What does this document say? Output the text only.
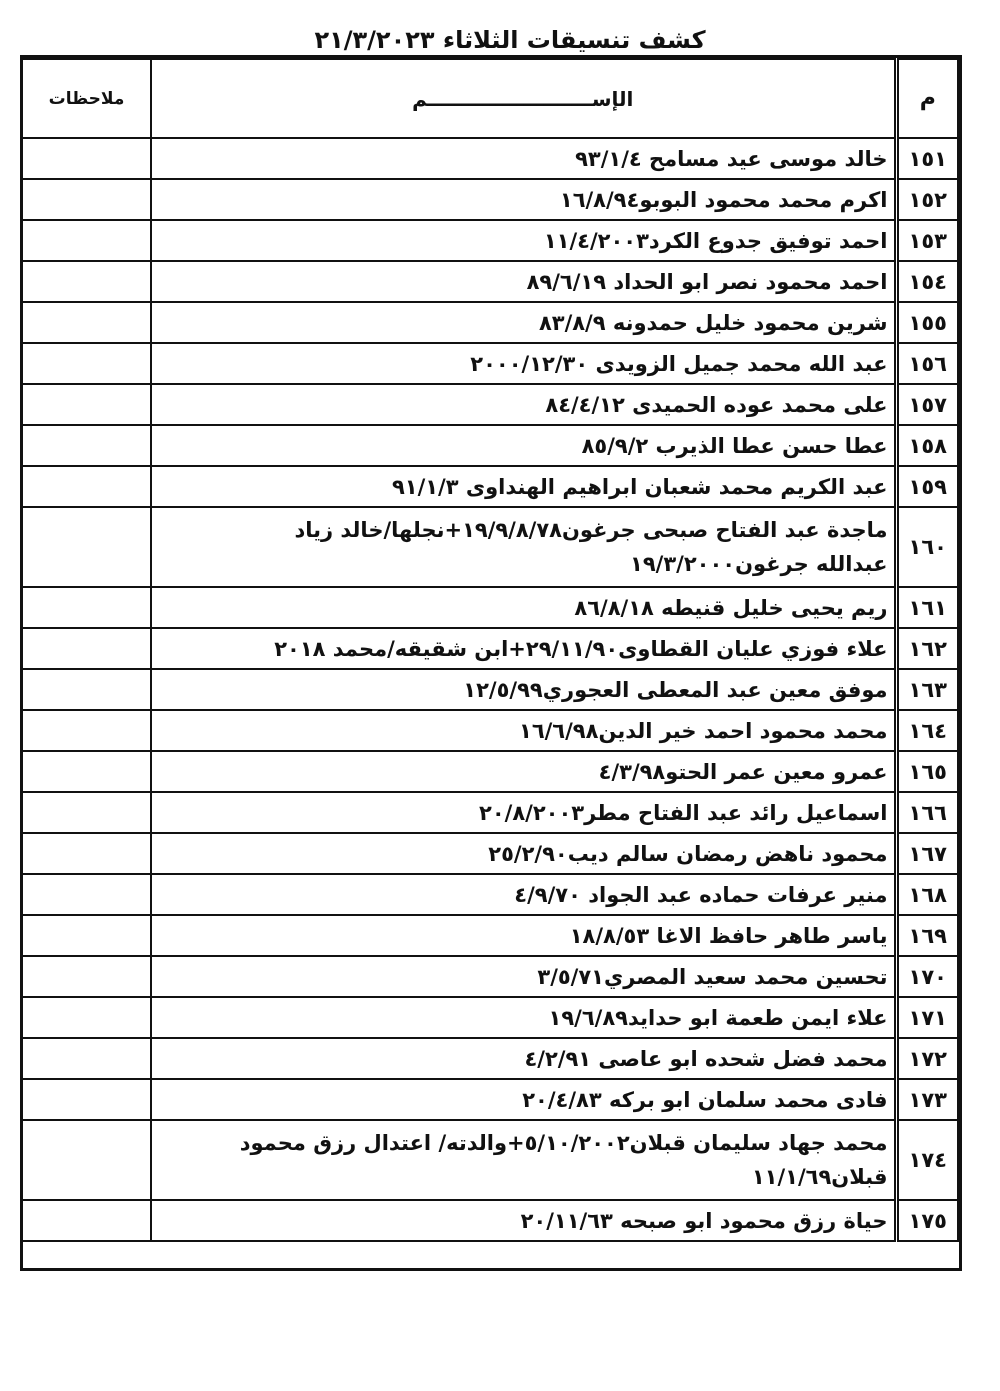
كشف تنسيقات الثلاثاء ٢١/٣/٢٠٢٣
م	الإســــــــــــــــــــــــم	ملاحظات
١٥١	خالد موسى عيد مسامح ٩٣/١/٤	

١٥٢	اكرم محمد محمود البوبو١٦/٨/٩٤	

١٥٣	احمد توفيق جدوع الكرد١١/٤/٢٠٠٣	

١٥٤	احمد محمود نصر ابو الحداد ٨٩/٦/١٩	

١٥٥	شرين محمود خليل حمدونه ٨٣/٨/٩	

١٥٦	عبد الله محمد جميل الزويدى ٢٠٠٠/١٢/٣٠	

١٥٧	على محمد عوده الحميدى ٨٤/٤/١٢	

١٥٨	عطا حسن عطا الذيرب ٨٥/٩/٢	

١٥٩	عبد الكريم محمد شعبان ابراهيم الهنداوى ٩١/١/٣	

١٦٠	ماجدة عبد الفتاح صبحى جرغون١٩/٩/٨/٧٨+نجلها/خالد زياد
عبدالله جرغون١٩/٣/٢٠٠٠	

١٦١	ريم يحيى خليل قنيطه ٨٦/٨/١٨	

١٦٢	علاء فوزي عليان القطاوى٢٩/١١/٩٠+ابن شقيقه/محمد ٢٠١٨	

١٦٣	موفق معين عبد المعطى العجوري١٢/٥/٩٩	

١٦٤	محمد محمود احمد خير الدين١٦/٦/٩٨	

١٦٥	عمرو معين عمر الحتو٤/٣/٩٨	

١٦٦	اسماعيل رائد عبد الفتاح مطر٢٠/٨/٢٠٠٣	

١٦٧	محمود ناهض رمضان سالم ديب٢٥/٢/٩٠	

١٦٨	منير عرفات حماده عبد الجواد ٤/٩/٧٠	

١٦٩	ياسر طاهر حافظ الاغا ١٨/٨/٥٣	

١٧٠	تحسين محمد سعيد المصري٣/٥/٧١	

١٧١	علاء ايمن طعمة ابو حدايد١٩/٦/٨٩	

١٧٢	محمد فضل شحده ابو عاصى ٤/٢/٩١	

١٧٣	فادى محمد سلمان ابو بركه ٢٠/٤/٨٣	

١٧٤	محمد جهاد سليمان قبلان٥/١٠/٢٠٠٢+والدته/ اعتدال رزق محمود
قبلان١١/١/٦٩	

١٧٥	حياة رزق محمود ابو صبحه ٢٠/١١/٦٣	
